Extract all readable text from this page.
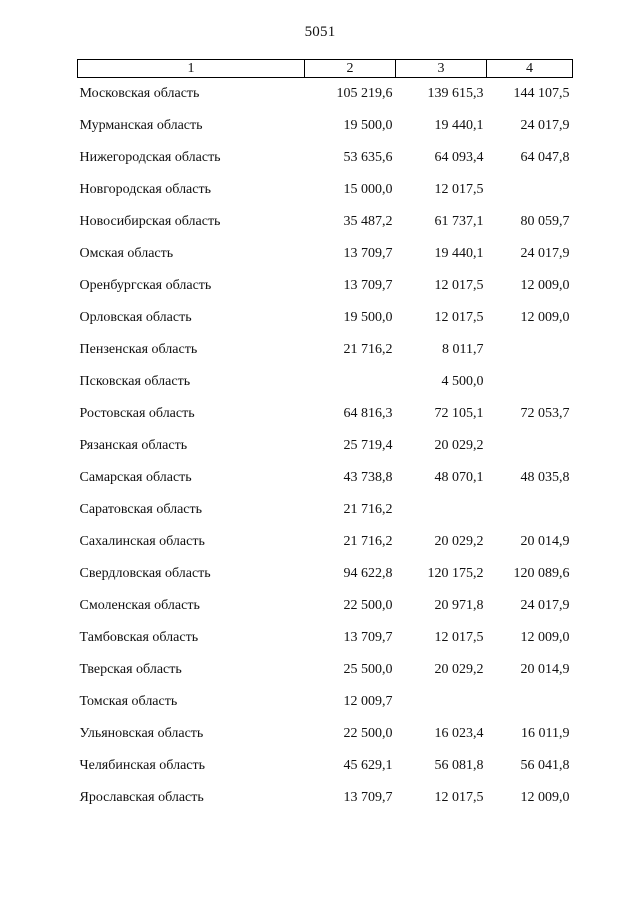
5051
1	2	3	4
Московская область	105 219,6	139 615,3	144 107,5
Мурманская область	19 500,0	19 440,1	24 017,9
Нижегородская область	53 635,6	64 093,4	64 047,8
Новгородская область	15 000,0	12 017,5	
Новосибирская область	35 487,2	61 737,1	80 059,7
Омская область	13 709,7	19 440,1	24 017,9
Оренбургская область	13 709,7	12 017,5	12 009,0
Орловская область	19 500,0	12 017,5	12 009,0
Пензенская область	21 716,2	8 011,7	
Псковская область		4 500,0	
Ростовская область	64 816,3	72 105,1	72 053,7
Рязанская область	25 719,4	20 029,2	
Самарская область	43 738,8	48 070,1	48 035,8
Саратовская область	21 716,2		
Сахалинская область	21 716,2	20 029,2	20 014,9
Свердловская область	94 622,8	120 175,2	120 089,6
Смоленская область	22 500,0	20 971,8	24 017,9
Тамбовская область	13 709,7	12 017,5	12 009,0
Тверская область	25 500,0	20 029,2	20 014,9
Томская область	12 009,7		
Ульяновская область	22 500,0	16 023,4	16 011,9
Челябинская область	45 629,1	56 081,8	56 041,8
Ярославская область	13 709,7	12 017,5	12 009,0
